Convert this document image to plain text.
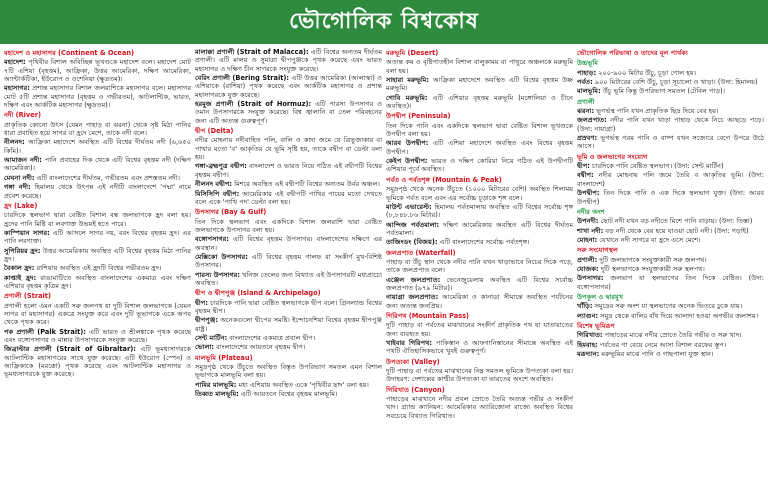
ভৌগোলিক বিশ্বকোষ
মহাদেশ ও মহাসাগর (Continent & Ocean)
মহাদেশ: পৃথিবীর বিশাল অবিচ্ছিন্ন ভূখণ্ডকে মহাদেশ বলে। মহাদেশ মোট ৭টি এশিয়া (বৃহত্তম), আফ্রিকা, উত্তর আমেরিকা, দক্ষিণ আমেরিকা, অ্যান্টার্কটিকা, ইউরোপ ও ওশেনিয়া (ক্ষুদ্রতম)।
মহাসাগর: প্রশান্ত মহাসাগর বিশাল জলরাশিকে মহাসাগর বলে। মহাসাগর মোট ৫টি প্রশান্ত মহাসাগর (বৃহত্তম ও গভীরতম), আটলান্টিক, ভারত, দক্ষিণ এবং আর্কটিক মহাসাগর (ক্ষুদ্রতম)।
নদী (River)
প্রাকৃতিক কোনো উৎস (যেমন পাহাড় বা ঝরনা) থেকে সৃষ্ট মিঠা পানির ধারা প্রবাহিত হয়ে সাগর বা হ্রদে মেশে, তাকে নদী বলে।
নীলনদ: আফ্রিকা মহাদেশে অবস্থিত এটি বিশ্বের দীর্ঘতম নদী (৬,৬৫০ কিমি)।
আমাজন নদী: পানি প্রবাহের দিক থেকে এটি বিশ্বের বৃহত্তম নদী (দক্ষিণ আমেরিকা)।
মেঘনা নদী: এটি বাংলাদেশের দীর্ঘতম, গভীরতম এবং প্রশস্ততম নদী।
গঙ্গা নদী: হিমালয় থেকে উৎপন্ন এই নদীটি বাংলাদেশে 'পদ্মা' নামে প্রবেশ করেছে।
হ্রদ (Lake)
চারদিকে স্থলভাগ দ্বারা বেষ্টিত বিশাল বদ্ধ জলভাগকে হ্রদ বলা হয়। হ্রদের পানি মিষ্টি বা লবণাক্ত উভয়ই হতে পারে।
কাস্পিয়ান সাগর: এটি আসলে সাগর নয়, বরং বিশ্বের বৃহত্তম হ্রদ। এর পানি লবণাক্ত।
সুপিরিয়র হ্রদ: উত্তর আমেরিকায় অবস্থিত এটি বিশ্বের বৃহত্তম মিঠা পানির হ্রদ।
বৈকাল হ্রদ: রাশিয়ায় অবস্থিত এই হ্রদটি বিশ্বের গভীরতম হ্রদ।
কাপ্তাই হ্রদ: রাঙামাটিতে অবস্থিত বাংলাদেশের একমাত্র এবং দক্ষিণ এশিয়ার বৃহত্তম কৃত্রিম হ্রদ।
প্রণালী (Strait)
প্রণালী হলো এমন একটি সরু জলপথ যা দুটি বিশাল জলভাগকে (যেমন সাগর বা মহাসাগর) একত্রে সংযুক্ত করে এবং দুটি ভূভাগকে একে অপর থেকে পৃথক করে।
পক প্রণালী (Palk Strait): এটি ভারত ও শ্রীলঙ্কাকে পৃথক করেছে এবং বঙ্গোপসাগর ও মান্নার উপসাগরকে সংযুক্ত করেছে।
জিব্রাল্টার প্রণালী (Strait of Gibraltar): এটি ভূমধ্যসাগরকে আটলান্টিক মহাসাগরের সাথে যুক্ত করেছে। এটি ইউরোপ (স্পেন) ও আফ্রিকাকে (মরক্কো) পৃথক করেছে এবং আটলান্টিক মহাসাগর ও ভূমধ্যসাগরকে যুক্ত করেছে।
মালাক্কা প্রণালী (Strait of Malacca): এটি বিশ্বের অন্যতম দীর্ঘতম প্রণালী। এটি মালয় ও সুমাত্রা দ্বীপপুঞ্জকে পৃথক করেছে এবং ভারত মহাসাগর ও দক্ষিণ চীন সাগরকে সংযুক্ত করেছে।
বেরিং প্রণালী (Bering Strait): এটি উত্তর আমেরিকা (আলাস্কা) ও এশিয়াকে (রাশিয়া) পৃথক করেছে এবং আর্কটিক মহাসাগর ও প্রশান্ত মহাসাগরকে যুক্ত করেছে।
হরমুজ প্রণালী (Strait of Hormuz): এটি পারস্য উপসাগর ও ওমান উপসাগরকে সংযুক্ত করেছে। বিশ্ব জ্বালানি বা তেল পরিবহনের জন্য এটি অত্যন্ত গুরুত্বপূর্ণ।
দ্বীপ (Delta)
নদীর মোহনায় নদীবাহিত পলি, বালি ও কাদা জমে যে ত্রিভুজাকার বা পাখার মতো 'ব' আকৃতির যে ভূমি সৃষ্টি হয়, তাকে বদ্বীপ বা ডেল্টা বলা হয়।
গঙ্গা-ব্রহ্মপুত্র বদ্বীপ: বাংলাদেশ ও ভারত নিয়ে গঠিত এই বদ্বীপটি বিশ্বের বৃহত্তম বদ্বীপ।
নীলনদ বদ্বীপ: মিশরে অবস্থিত এই বদ্বীপটি বিশ্বের অন্যতম উর্বর অঞ্চল।
মিসিসিপি বদ্বীপ: আমেরিকার এই বদ্বীপটি পাখির পায়ের মতো দেখতে বলে একে 'পাখি পদ' ডেল্টা বলা হয়।
উপসাগর (Bay & Gulf)
তিন দিকে স্থলভাগ এবং একদিকে বিশাল জলরাশি দ্বারা বেষ্টিত জলভাগকে উপসাগর বলা হয়।
বঙ্গোপসাগর: এটি বিশ্বের বৃহত্তম উপসাগর। বাংলাদেশের দক্ষিণে এর অবস্থান।
মেক্সিকো উপসাগর: এটি বিশ্বের বৃহত্তম গালফ বা সংকীর্ণ মুখ-বিশিষ্ট উপসাগর।
পারস্য উপসাগর: খনিজ তেলের জন্য বিখ্যাত এই উপসাগরটি মধ্যপ্রাচ্যে অবস্থিত।
দ্বীপ ও দ্বীপপুঞ্জ (Island & Archipelago)
দ্বীপ: চারদিকে পানি দ্বারা বেষ্টিত স্থলভাগকে দ্বীপ বলে। গ্রিনল্যান্ড বিশ্বের বৃহত্তম দ্বীপ।
দ্বীপপুঞ্জ: অনেকগুলো দ্বীপের সমষ্টি। ইন্দোনেশিয়া বিশ্বের বৃহত্তম দ্বীপপুঞ্জ রাষ্ট্র।
সেন্ট মার্টিন: বাংলাদেশের একমাত্র প্রবাল দ্বীপ।
ভোলা: বাংলাদেশের আয়তনে বৃহত্তম দ্বীপ।
মালভূমি (Plateau)
সমুদ্রপৃষ্ঠ থেকে উঁচুতে অবস্থিত বিস্তৃত উপরিভাগ সমতল এমন বিশাল ভূভাগকে মালভূমি বলা হয়।
পামির মালভূমি: মধ্য এশিয়ায় অবস্থিত একে 'পৃথিবীর ছাদ' বলা হয়।
তিব্বত মালভূমি: এটি আয়তনে বিশ্বের বৃহত্তম মালভূমি।
মরুভূমি (Desert)
অত্যন্ত কম ও বৃষ্টিপাতহীন বিশাল বালুকাময় বা পাথুরে অঞ্চলকে মরুভূমি বলা হয়।
সাহারা মরুভূমি: আফ্রিকা মহাদেশে অবস্থিত এটি বিশ্বের বৃহত্তম উষ্ণ মরুভূমি।
গোবি মরুভূমি: এটি এশিয়ার বৃহত্তম মরুভূমি (মঙ্গোলিয়া ও চীনে অবস্থিত)।
উপদ্বীপ (Peninsula)
তিন দিকে পানি এবং একদিকে স্থলভাগ দ্বারা বেষ্টিত বিশাল ভূখণ্ডকে উপদ্বীপ বলা হয়।
আরব উপদ্বীপ: এটি এশিয়া মহাদেশে অবস্থিত এবং বিশ্বের বৃহত্তম উপদ্বীপ।
কেইপ উপদ্বীপ: ভারত ও দক্ষিণ কোরিয়া নিয়ে গঠিত এই উপদ্বীপটি এশিয়ার পূর্বে অবস্থিত।
পর্বত ও পর্বতশৃঙ্গ (Mountain & Peak)
সমুদ্রপৃষ্ঠ থেকে অনেক উঁচুতে (১০০০ মিটারের বেশি) অবস্থিত শিলাময় ভূমিকে পর্বত বলে এবং এর সর্বোচ্চ চূড়াকে শৃঙ্গ বলে।
মাউন্ট এভারেস্ট: হিমালয় পর্বতমালায় অবস্থিত এটি বিশ্বের সর্বোচ্চ শৃঙ্গ (৮,৮৪৮.৮৬ মিটার)।
আন্দিজ পর্বতমালা: দক্ষিণ আমেরিকায় অবস্থিত এটি বিশ্বের দীর্ঘতম পর্বতমালা।
তাজিংডং (বিজয়): এটি বাংলাদেশের সর্বোচ্চ পর্বতশৃঙ্গ।
জলপ্রপাত (Waterfall)
পাহাড় বা উঁচু স্থান থেকে নদীর পানি যখন খাড়াভাবে নিচের দিকে পড়ে, তাকে জলপ্রপাত বলে।
এঞ্জেল জলপ্রপাত: ভেনেজুয়েলায় অবস্থিত এটি বিশ্বের সর্বোচ্চ জলপ্রপাত (৯৭৯ মিটার)।
নায়াগ্রা জলপ্রপাত: আমেরিকা ও কানাডা সীমান্তে অবস্থিত পর্যটনের জন্য অত্যন্ত জনপ্রিয়।
গিরিপথ (Mountain Pass)
দুটি পাহাড় বা পর্বতের মাঝখানের সংকীর্ণ প্রাকৃতিক পথ যা যাতায়াতের জন্য ব্যবহৃত হয়।
খাইবার গিরিপথ: পাকিস্তান ও আফগানিস্তানের সীমান্তে অবস্থিত এই পথটি ঐতিহাসিকভাবে খুবই গুরুত্বপূর্ণ।
উপত্যকা (Valley)
দুটি পাহাড় বা পর্বতের মাঝখানের নিম্ন সমতল ভূমিকে উপত্যকা বলা হয়। উদাহরণ: দেশাল্লের কাশ্মীর উপত্যকা যা ভারতের অংশে অবস্থিত।
গিরিখাত (Canyon)
পাহাড়ের মাঝখানে নদীর প্রবল স্রোতে তৈরি অত্যন্ত গভীর ও সংকীর্ণ খাদ। গ্র্যান্ড ক্যানিয়ন: আমেরিকার অ্যারিজোনা রাজ্যে অবস্থিত বিশ্বের সবচেয়ে বিখ্যাত গিরিখাত।
ভৌগোলিক পরিভাষা ও তাদের মূল পার্থক্য
উচ্চভূমি
পাহাড়: ২০০-৯০০ মিটার উঁচু, চূড়া গোল হয়।
পর্বত: ৯০০ মিটারের বেশি উঁচু, চূড়া সূচালো ও খাড়া। (উদা: হিমালয়)
মালভূমি: উঁচু ভূমি কিন্তু উপরিভাগ সমতল (টেবিল পাড়)।
প্রণালী
ঝরনা: ভূগর্ভস্থ পানি যখন প্রাকৃতিক ছিদ্র দিয়ে বের হয়।
জলপ্রপাত: নদীর পানি যখন খাড়া পাহাড় থেকে নিচে আছড়ে পড়ে। (উদা: নায়াগ্রা)
প্রস্রবণ: ভূগর্ভস্থ গরম পানি ও বাষ্প যখন সজোরে বেগে উপরে উঠে আসে।
ভূমি ও জলভাগের সংযোগ
দ্বীপ: চারদিকে পানি বেষ্টিত স্থলভাগ। (উদা: সেন্ট মার্টিন)
বদ্বীপ: নদীর মোহনায় পলি জমে তৈরি ব আকৃতির ভূমি। (উদা: বাংলাদেশ)
উপদ্বীপ: তিন দিকে পানি ও এক দিকে স্থলভাগ যুক্ত। (উদা: আরব উপদ্বীপ)
নদীর অংশ
উপনদী: ছোট নদী যখন বড় নদীতে মিশে পানি বাড়ায়। (উদা: তিস্তা)
শাখা নদী: বড় নদী থেকে বের হয়ে যাওয়া ছোট নদী। (উদা: গড়াই)
মোহনা: যেখানে নদী সাগরে বা হ্রদে এসে মেশে।
সরু সংযোগস্থল
প্রণালী: দুটি জলভাগকে সংযুক্তকারী সরু জলপথ।
যোজক: দুটি স্থলভাগকে সংযুক্তকারী সরু স্থলপথ।
উপসাগর: জলভাগ যা স্থলভাগের তিন দিকে বেষ্টিত। (উদা: বঙ্গোপসাগর)
উপকূল ও দ্বারমুখ
খাঁড়ি: সমুদ্রের সরু অংশ যা স্থলভাগের অনেক ভিতরে ঢুকে যায়।
ল্যাগুন: সমুদ্র থেকে বালির বাঁধ দিয়ে আলাদা হওয়া অগভীর জলাশয়।
বিশেষ ভূমিরূপ
গিরিখাত: পাহাড়ের মাঝে নদীর স্রোতে তৈরি গভীর ও সরু খাদ।
হিমবাহ: পর্বতের গা বেয়ে নেমে আসা বিশাল বরফের স্তূপ।
মরূদ্যান: মরুভূমির মাঝে পানি ও গাছপালা যুক্ত স্থান।
